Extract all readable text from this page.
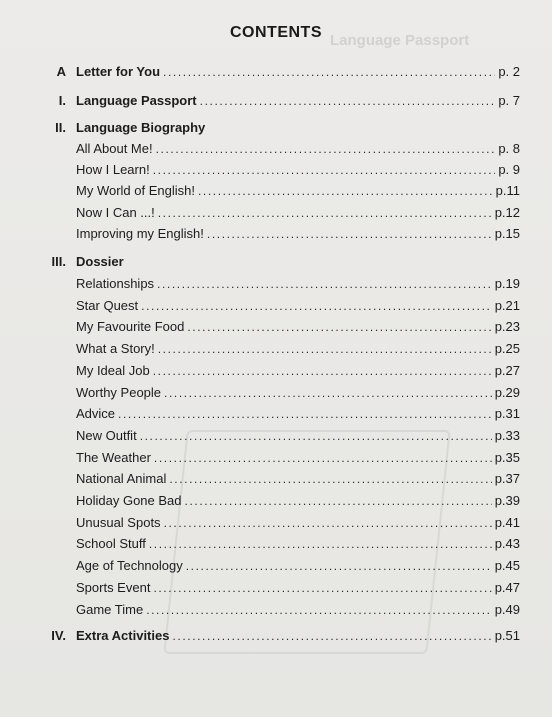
Language Passport
CONTENTS
A Letter for You .....	p. 2
I. Language Passport .....	p. 7
II. Language Biography
All About Me! .....	p. 8
How I Learn! .....	p. 9
My World of English! .....	p.11
Now I Can ...! .....	p.12
Improving my English! .....	p.15
III. Dossier
Relationships .....	p.19
Star Quest .....	p.21
My Favourite Food .....	p.23
What a Story! .....	p.25
My Ideal Job .....	p.27
Worthy People .....	p.29
Advice .....	p.31
New Outfit .....	p.33
The Weather .....	p.35
National Animal .....	p.37
Holiday Gone Bad .....	p.39
Unusual Spots .....	p.41
School Stuff .....	p.43
Age of Technology .....	p.45
Sports Event .....	p.47
Game Time .....	p.49
IV. Extra Activities .....	p.51
